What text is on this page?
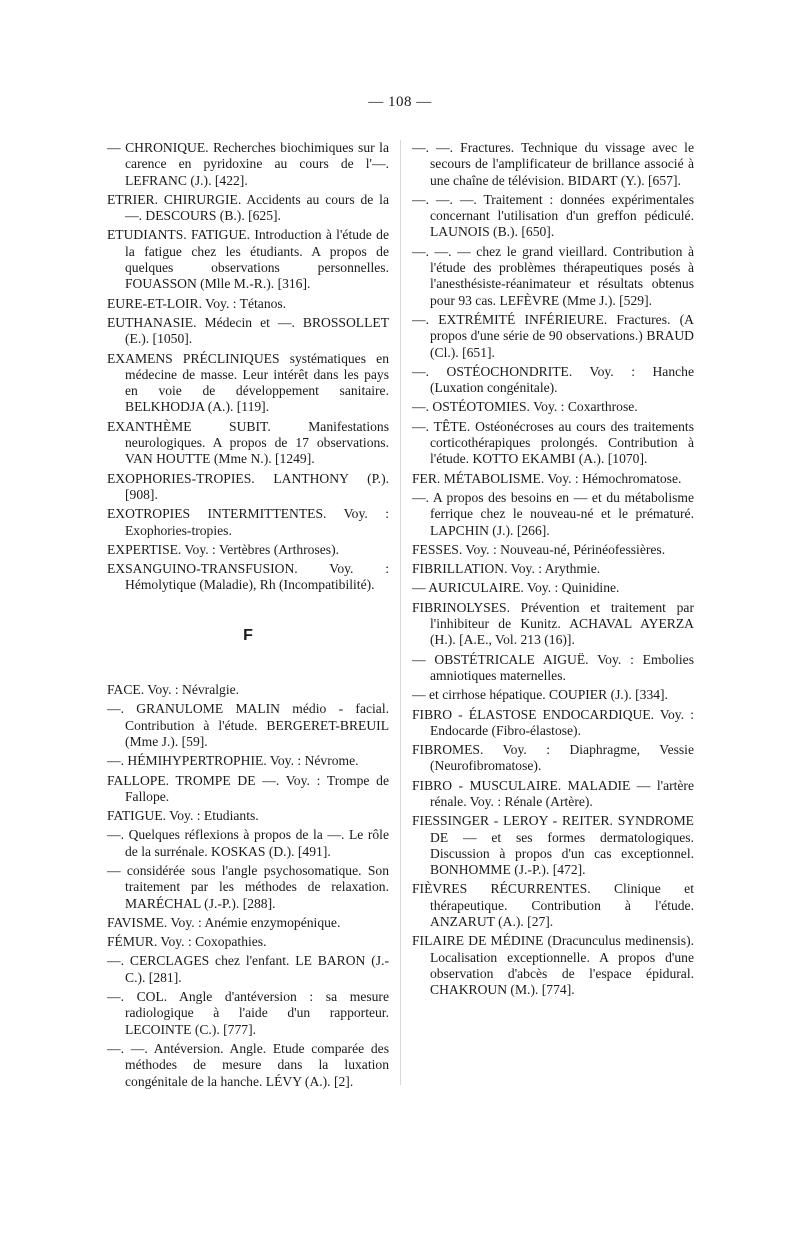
— 108 —

— CHRONIQUE. Recherches biochimiques sur la carence en pyridoxine au cours de l'—. LEFRANC (J.). [422].

ETRIER. CHIRURGIE. Accidents au cours de la —. DESCOURS (B.). [625].

ETUDIANTS. FATIGUE. Introduction à l'étude de la fatigue chez les étudiants. A propos de quelques observations personnelles. FOUASSON (Mlle M.-R.). [316].

EURE-ET-LOIR. Voy. : Tétanos.

EUTHANASIE. Médecin et —. BROSSOLLET (E.). [1050].

EXAMENS PRÉCLINIQUES systématiques en médecine de masse. Leur intérêt dans les pays en voie de développement sanitaire. BELKHODJA (A.). [119].

EXANTHÈME SUBIT. Manifestations neurologiques. A propos de 17 observations. VAN HOUTTE (Mme N.). [1249].

EXOPHORIES-TROPIES. LANTHONY (P.). [908].

EXOTROPIES INTERMITTENTES. Voy. : Exophories-tropies.

EXPERTISE. Voy. : Vertèbres (Arthroses).

EXSANGUINO-TRANSFUSION. Voy. : Hémolytique (Maladie), Rh (Incompatibilité).

F

FACE. Voy. : Névralgie.

—. GRANULOME MALIN médio - facial. Contribution à l'étude. BERGERET-BREUIL (Mme J.). [59].

—. HÉMIHYPERTROPHIE. Voy. : Névrome.

FALLOPE. TROMPE DE —. Voy. : Trompe de Fallope.

FATIGUE. Voy. : Etudiants.

—. Quelques réflexions à propos de la —. Le rôle de la surrénale. KOSKAS (D.). [491].

— considérée sous l'angle psychosomatique. Son traitement par les méthodes de relaxation. MARÉCHAL (J.-P.). [288].

FAVISME. Voy. : Anémie enzymopénique.

FÉMUR. Voy. : Coxopathies.

—. CERCLAGES chez l'enfant. LE BARON (J.-C.). [281].

—. COL. Angle d'antéversion : sa mesure radiologique à l'aide d'un rapporteur. LECOINTE (C.). [777].

—. —. Antéversion. Angle. Etude comparée des méthodes de mesure dans la luxation congénitale de la hanche. LÉVY (A.). [2].

—. —. Fractures. Technique du vissage avec le secours de l'amplificateur de brillance associé à une chaîne de télévision. BIDART (Y.). [657].

—. —. —. Traitement : données expérimentales concernant l'utilisation d'un greffon pédiculé. LAUNOIS (B.). [650].

—. —. — chez le grand vieillard. Contribution à l'étude des problèmes thérapeutiques posés à l'anesthésiste-réanimateur et résultats obtenus pour 93 cas. LEFÈVRE (Mme J.). [529].

—. EXTRÉMITÉ INFÉRIEURE. Fractures. (A propos d'une série de 90 observations.) BRAUD (Cl.). [651].

—. OSTÉOCHONDRITE. Voy. : Hanche (Luxation congénitale).

—. OSTÉOTOMIES. Voy. : Coxarthrose.

—. TÊTE. Ostéonécroses au cours des traitements corticothérapiques prolongés. Contribution à l'étude. KOTTO EKAMBI (A.). [1070].

FER. MÉTABOLISME. Voy. : Hémochromatose.

—. A propos des besoins en — et du métabolisme ferrique chez le nouveau-né et le prématuré. LAPCHIN (J.). [266].

FESSES. Voy. : Nouveau-né, Périnéofessières.

FIBRILLATION. Voy. : Arythmie.

— AURICULAIRE. Voy. : Quinidine.

FIBRINOLYSES. Prévention et traitement par l'inhibiteur de Kunitz. ACHAVAL AYERZA (H.). [A.E., Vol. 213 (16)].

— OBSTÉTRICALE AIGUË. Voy. : Embolies amniotiques maternelles.

— et cirrhose hépatique. COUPIER (J.). [334].

FIBRO - ÉLASTOSE ENDOCARDIQUE. Voy. : Endocarde (Fibro-élastose).

FIBROMES. Voy. : Diaphragme, Vessie (Neurofibromatose).

FIBRO - MUSCULAIRE. MALADIE — l'artère rénale. Voy. : Rénale (Artère).

FIESSINGER - LEROY - REITER. SYNDROME DE — et ses formes dermatologiques. Discussion à propos d'un cas exceptionnel. BONHOMME (J.-P.). [472].

FIÈVRES RÉCURRENTES. Clinique et thérapeutique. Contribution à l'étude. ANZARUT (A.). [27].

FILAIRE DE MÉDINE (Dracunculus medinensis). Localisation exceptionnelle. A propos d'une observation d'abcès de l'espace épidural. CHAKROUN (M.). [774].
